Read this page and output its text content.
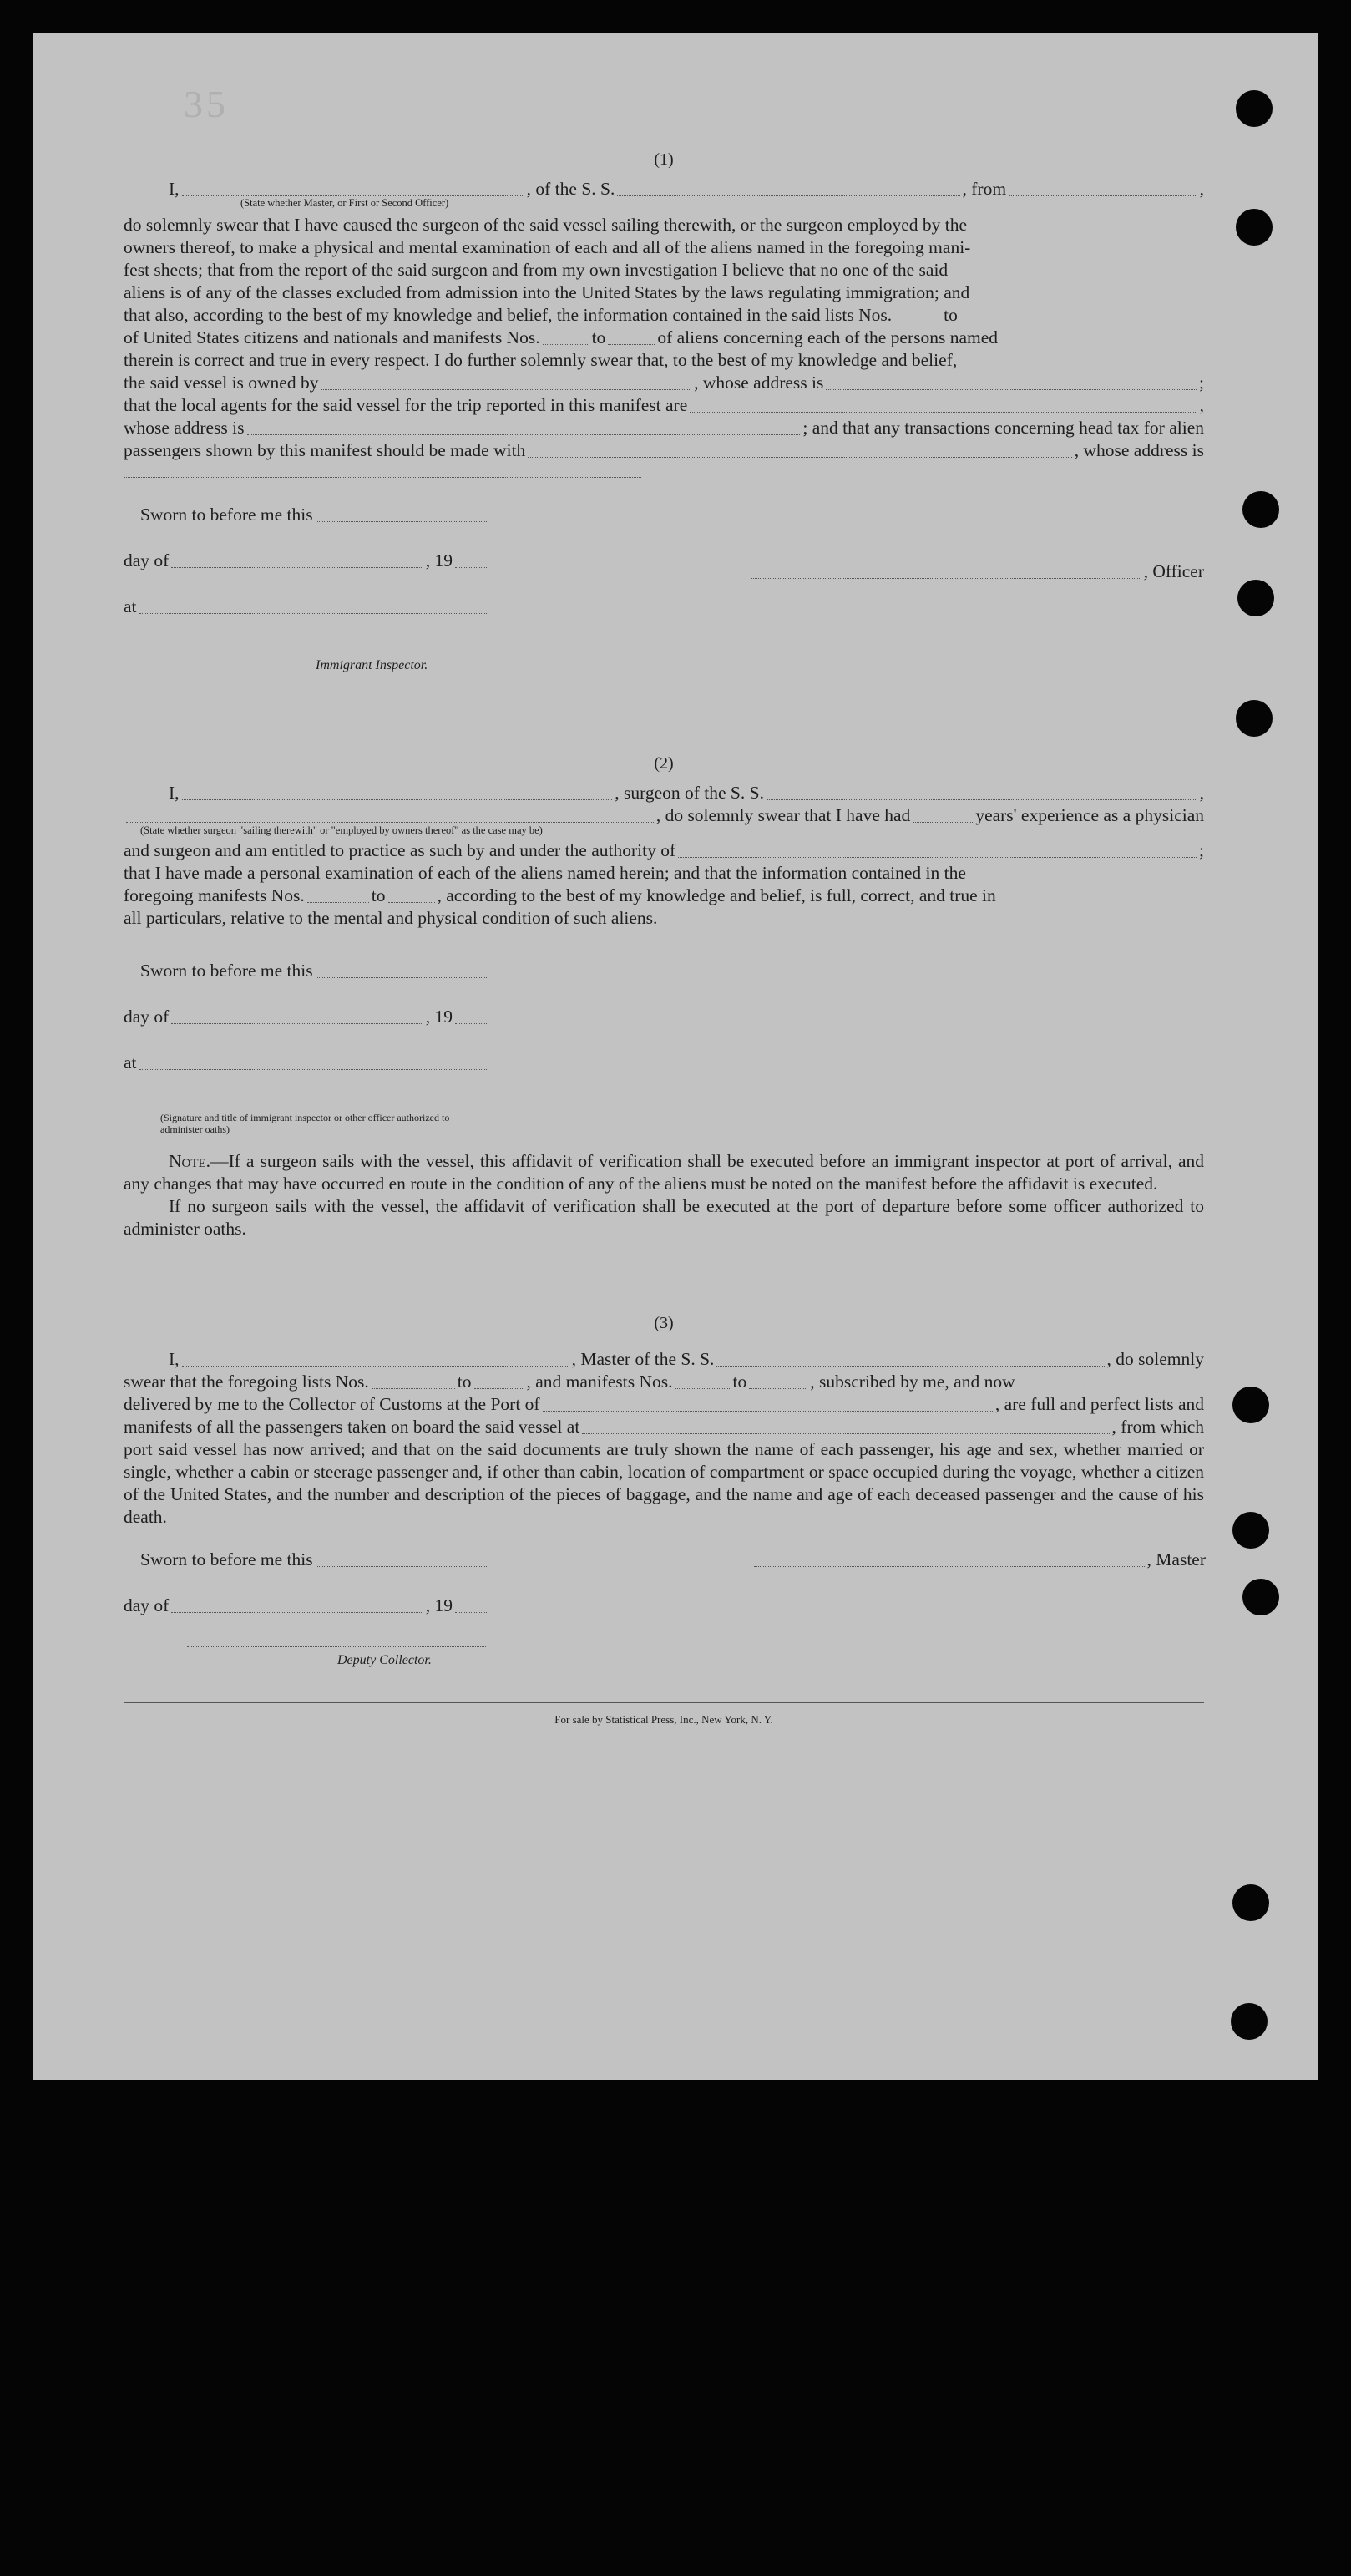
35
(1)
I,	, of the S. S.	, from	,
(State whether Master, or First or Second Officer)
do solemnly swear that I have caused the surgeon of the said vessel sailing therewith, or the surgeon employed by the
owners thereof, to make a physical and mental examination of each and all of the aliens named in the foregoing mani-
fest sheets; that from the report of the said surgeon and from my own investigation I believe that no one of the said
aliens is of any of the classes excluded from admission into the United States by the laws regulating immigration; and
that also, according to the best of my knowledge and belief, the information contained in the said lists Nos.	to
of United States citizens and nationals and manifests Nos.	to	of aliens concerning each of the persons named
therein is correct and true in every respect. I do further solemnly swear that, to the best of my knowledge and belief,
the said vessel is owned by	, whose address is	;
that the local agents for the said vessel for the trip reported in this manifest are	,
whose address is	; and that any transactions concerning head tax for alien
passengers shown by this manifest should be made with	, whose address is
Sworn to before me this
day of	, 19
, Officer
at
Immigrant Inspector.
(2)
I,	, surgeon of the S. S.	,
, do solemnly swear that I have had	years' experience as a physician
(State whether surgeon "sailing therewith" or "employed by owners thereof" as the case may be)
and surgeon and am entitled to practice as such by and under the authority of	;
that I have made a personal examination of each of the aliens named herein; and that the information contained in the
foregoing manifests Nos.	to	, according to the best of my knowledge and belief, is full, correct, and true in
all particulars, relative to the mental and physical condition of such aliens.
Sworn to before me this
day of	, 19
at
(Signature and title of immigrant inspector or other officer authorized to administer oaths)
Note.—If a surgeon sails with the vessel, this affidavit of verification shall be executed before an immigrant inspector at port of arrival, and any changes that may have occurred en route in the condition of any of the aliens must be noted on the manifest before the affidavit is executed.
If no surgeon sails with the vessel, the affidavit of verification shall be executed at the port of departure before some officer authorized to administer oaths.
(3)
I,	, Master of the S. S.	, do solemnly
swear that the foregoing lists Nos.	to	, and manifests Nos.	to	, subscribed by me, and now
delivered by me to the Collector of Customs at the Port of	, are full and perfect lists and
manifests of all the passengers taken on board the said vessel at	, from which
port said vessel has now arrived; and that on the said documents are truly shown the name of each passenger, his age and sex, whether married or single, whether a cabin or steerage passenger and, if other than cabin, location of compartment or space occupied during the voyage, whether a citizen of the United States, and the number and description of the pieces of baggage, and the name and age of each deceased passenger and the cause of his death.
Sworn to before me this	, Master
day of	, 19
Deputy Collector.
For sale by Statistical Press, Inc., New York, N. Y.
